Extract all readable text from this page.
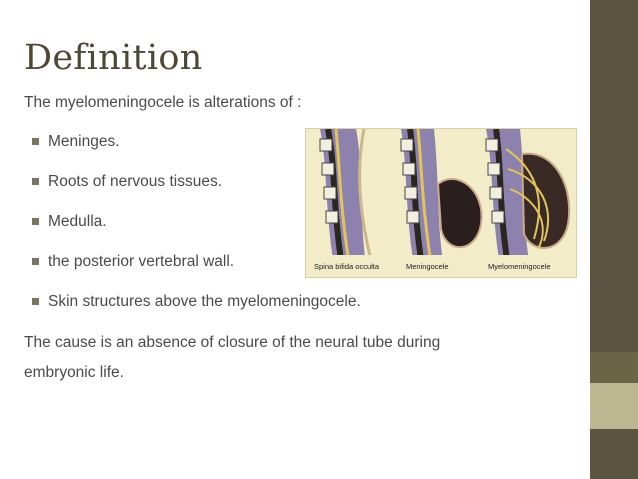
Definition
The myelomeningocele is alterations of :
Meninges.
Roots of nervous tissues.
Medulla.
the posterior vertebral wall.
Skin structures above the myelomeningocele.
The cause is an absence of closure of the neural tube during
embryonic life.
Spina bifida occulta	Meningocele	Myelomeningocele
